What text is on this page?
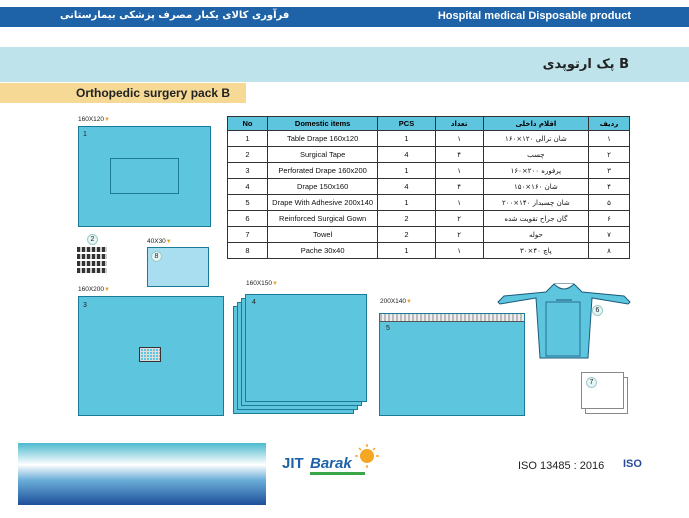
فرآوری کالای یکبار مصرف پزشکی بیمارستانی	Hospital medical Disposable product
پک ارتوپدی B
Orthopedic surgery pack B
160X120▼
1
2	40X30▼
8
160X200▼
3
160X150▼
4	200X140▼
5
6
7
No	Domestic items	PCS	تعداد	اقلام داخلی	ردیف
1	Table Drape 160x120	1	۱	شان ترالی ۱۲۰×۱۶۰	۱
2	Surgical Tape	4	۴	چسب	۲
3	Perforated Drape 160x200	1	۱	پرفوره ۲۰۰×۱۶۰	۳
4	Drape 150x160	4	۴	شان ۱۶۰×۱۵۰	۴
5	Drape With Adhesive 200x140	1	۱	شان چسبدار ۱۴۰×۲۰۰	۵
6	Reinforced Surgical Gown	2	۲	گان جراح تقویت شده	۶
7	Towel	2	۲	حوله	۷
8	Pache 30x40	1	۱	پاچ ۴۰×۳۰	۸
JIT Barak	ISO 13485 : 2016 ISO
